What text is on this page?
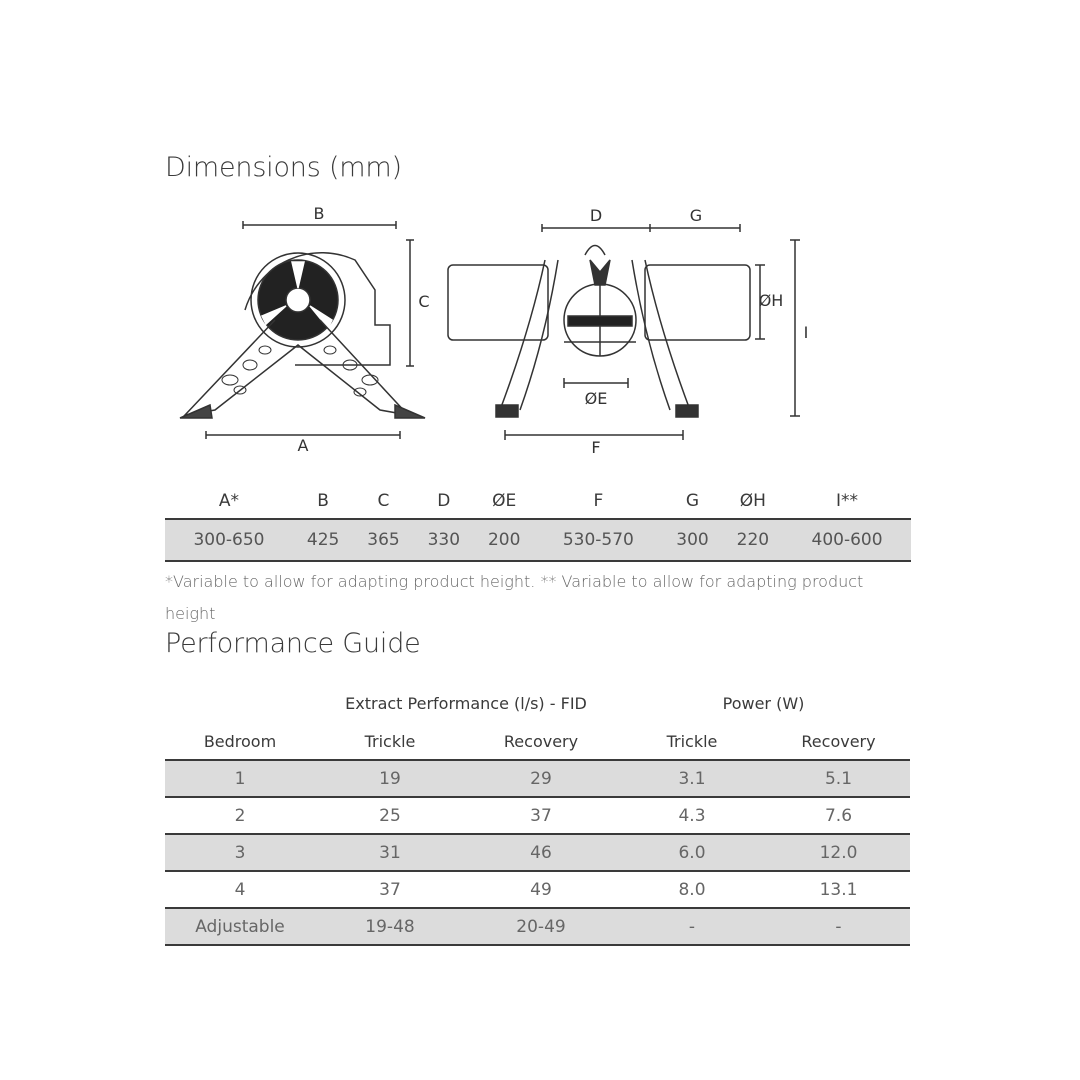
Dimensions (mm)
B
C
A
D	G
ØH
I
ØE
F
A*	B	C	D	ØE	F	G	ØH	I**
300-650	425	365	330	200	530-570	300	220	400-600
*Variable to allow for adapting product height. ** Variable to allow for adapting product height
Performance Guide
	Extract Performance (l/s) - FID		Power (W)	
Bedroom	Trickle	Recovery	Trickle	Recovery
1	19	29	3.1	5.1
2	25	37	4.3	7.6
3	31	46	6.0	12.0
4	37	49	8.0	13.1
Adjustable	19-48	20-49	-	-
